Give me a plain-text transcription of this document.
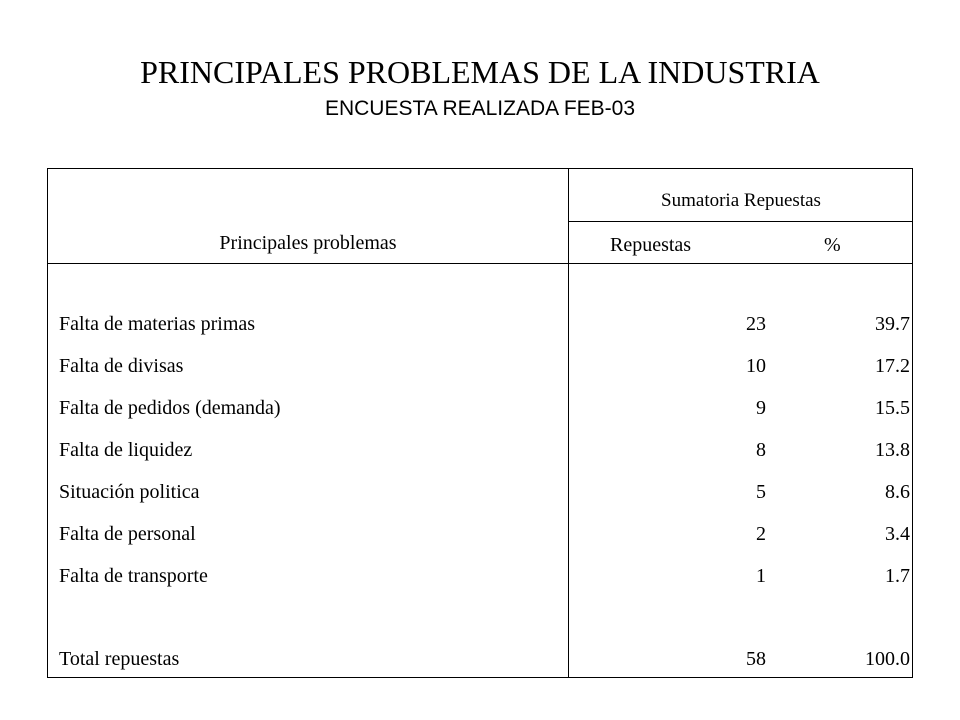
PRINCIPALES PROBLEMAS DE LA INDUSTRIA
ENCUESTA REALIZADA FEB-03
Principales problemas
Sumatoria Repuestas
Repuestas	%
Falta de materias primas	23	39.7
Falta de divisas	10	17.2
Falta de pedidos (demanda)	9	15.5
Falta de liquidez	8	13.8
Situación politica	5	8.6
Falta de personal	2	3.4
Falta de transporte	1	1.7
Total repuestas	58	100.0
